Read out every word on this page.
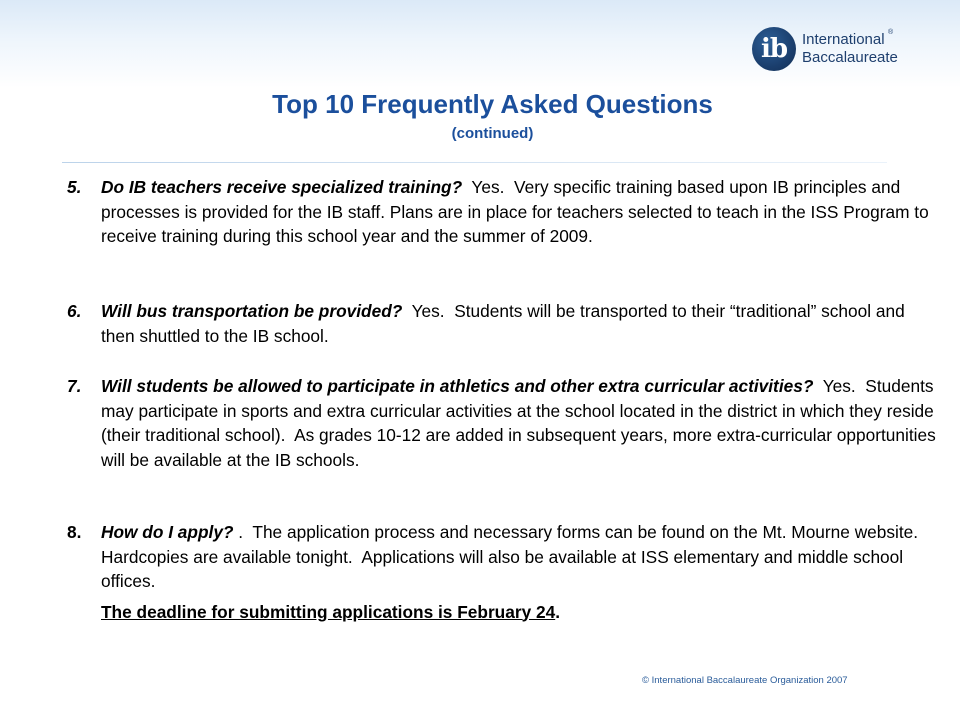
ib International
Baccalaureate
®
Top 10 Frequently Asked Questions
(continued)
5. Do IB teachers receive specialized training?  Yes.  Very specific training based upon IB principles and processes is provided for the IB staff. Plans are in place for teachers selected to teach in the ISS Program to receive training during this school year and the summer of 2009.
6. Will bus transportation be provided?  Yes.  Students will be transported to their “traditional” school and then shuttled to the IB school.
7. Will students be allowed to participate in athletics and other extra curricular activities?  Yes.  Students may participate in sports and extra curricular activities at the school located in the district in which they reside (their traditional school).  As grades 10-12 are added in subsequent years, more extra-curricular opportunities will be available at the IB schools.
8. How do I apply? .  The application process and necessary forms can be found on the Mt. Mourne website. Hardcopies are available tonight.  Applications will also be available at ISS elementary and middle school offices.
The deadline for submitting applications is February 24.
© International Baccalaureate Organization 2007
